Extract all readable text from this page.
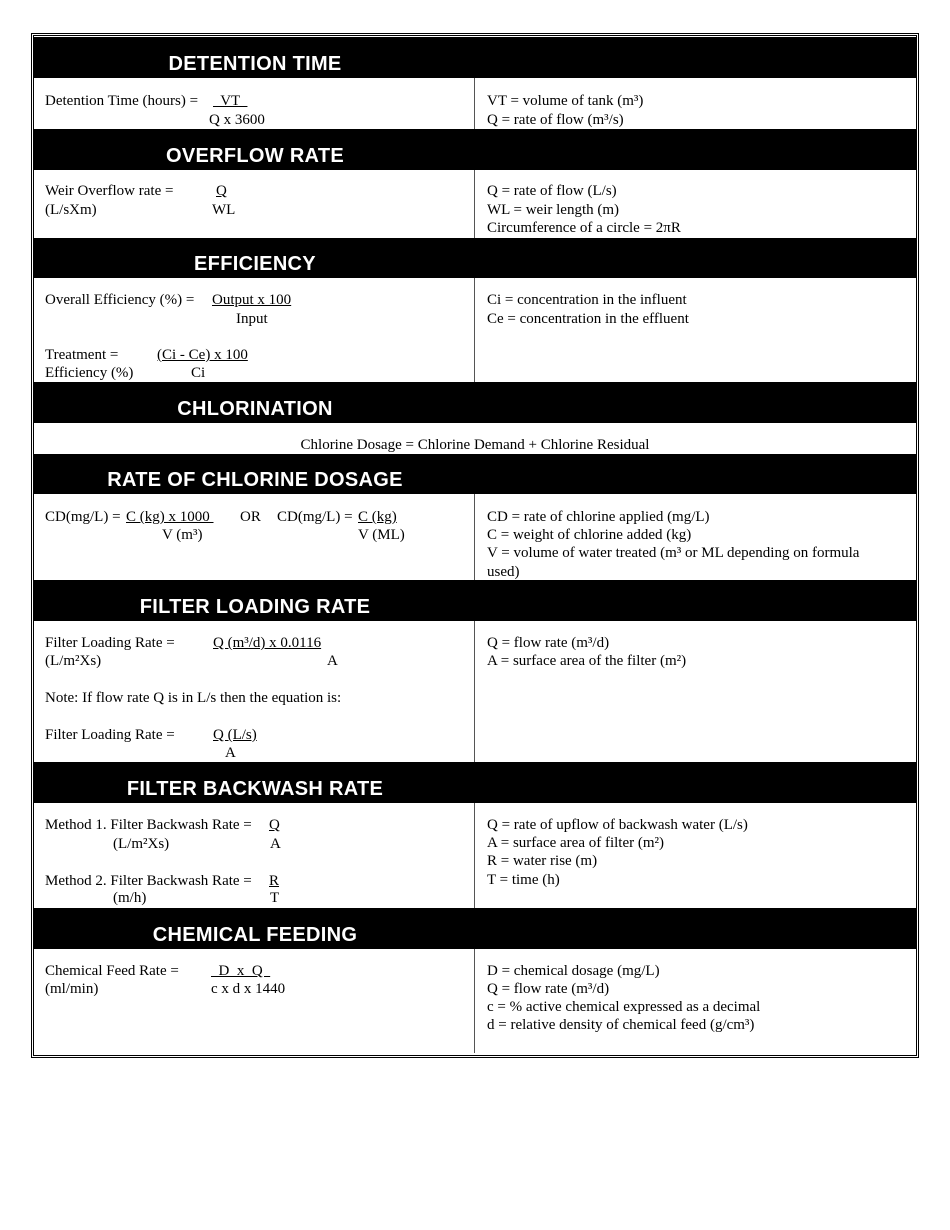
DETENTION TIME
OVERFLOW RATE
EFFICIENCY
CHLORINATION
RATE OF CHLORINE DOSAGE
FILTER LOADING RATE
FILTER BACKWASH RATE
CHEMICAL FEEDING
Detention Time (hours) = VT
Q x 3600
VT = volume of tank (m³)
Q = rate of flow (m³/s)
Weir Overflow rate =
(L/sXm)
Q
WL
Q = rate of flow (L/s)
WL = weir length (m)
Circumference of a circle = 2πR
Overall Efficiency (%) = Output x 100
Input
Treatment =
Efficiency (%)
(Ci - Ce) x 100
Ci
Ci = concentration in the influent
Ce = concentration in the effluent
Chlorine Dosage = Chlorine Demand + Chlorine Residual
CD(mg/L) = C (kg) x 1000
V (m³)
OR CD(mg/L) = C (kg)
V (ML)
CD = rate of chlorine applied (mg/L)
C = weight of chlorine added (kg)
V = volume of water treated (m³ or ML depending on formula
used)
Filter Loading Rate =
(L/m²Xs)
Q (m³/d) x 0.0116
A
Note: If flow rate Q is in L/s then the equation is:
Filter Loading Rate =	Q (L/s)
A
Q = flow rate (m³/d)
A = surface area of the filter (m²)
Method 1. Filter Backwash Rate = Q
(L/m²Xs)	A
Method 2. Filter Backwash Rate = R
(m/h)	T
Q = rate of upflow of backwash water (L/s)
A = surface area of filter (m²)
R = water rise (m)
T = time (h)
Chemical Feed Rate =
(ml/min)
D  x  Q
c x d x 1440
D = chemical dosage (mg/L)
Q = flow rate (m³/d)
c = % active chemical expressed as a decimal
d = relative density of chemical feed (g/cm³)
